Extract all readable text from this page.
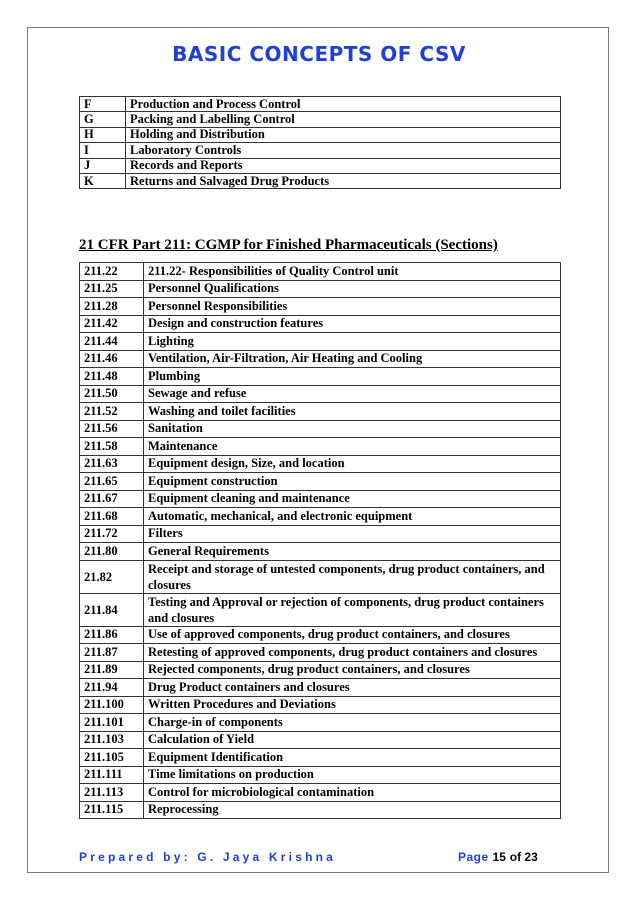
BASIC CONCEPTS OF CSV
F	Production and Process Control
G	Packing and Labelling Control
H	Holding and Distribution
I	Laboratory Controls
J	Records and Reports
K	Returns and Salvaged Drug Products
21 CFR Part 211: CGMP for Finished Pharmaceuticals (Sections)
211.22	211.22- Responsibilities of Quality Control unit
211.25	Personnel Qualifications
211.28	Personnel Responsibilities
211.42	Design and construction features
211.44	Lighting
211.46	Ventilation, Air-Filtration, Air Heating and Cooling
211.48	Plumbing
211.50	Sewage and refuse
211.52	Washing and toilet facilities
211.56	Sanitation
211.58	Maintenance
211.63	Equipment design, Size, and location
211.65	Equipment construction
211.67	Equipment cleaning and maintenance
211.68	Automatic, mechanical, and electronic equipment
211.72	Filters
211.80	General Requirements
21.82	Receipt and storage of untested components, drug product containers, and closures
211.84	Testing and Approval or rejection of components, drug product containers and closures
211.86	Use of approved components, drug product containers, and closures
211.87	Retesting of approved components, drug product containers and closures
211.89	Rejected components, drug product containers, and closures
211.94	Drug Product containers and closures
211.100	Written Procedures and Deviations
211.101	Charge-in of components
211.103	Calculation of Yield
211.105	Equipment Identification
211.111	Time limitations on production
211.113	Control for microbiological contamination
211.115	Reprocessing
Prepared by: G. Jaya Krishna	Page 15 of 23
